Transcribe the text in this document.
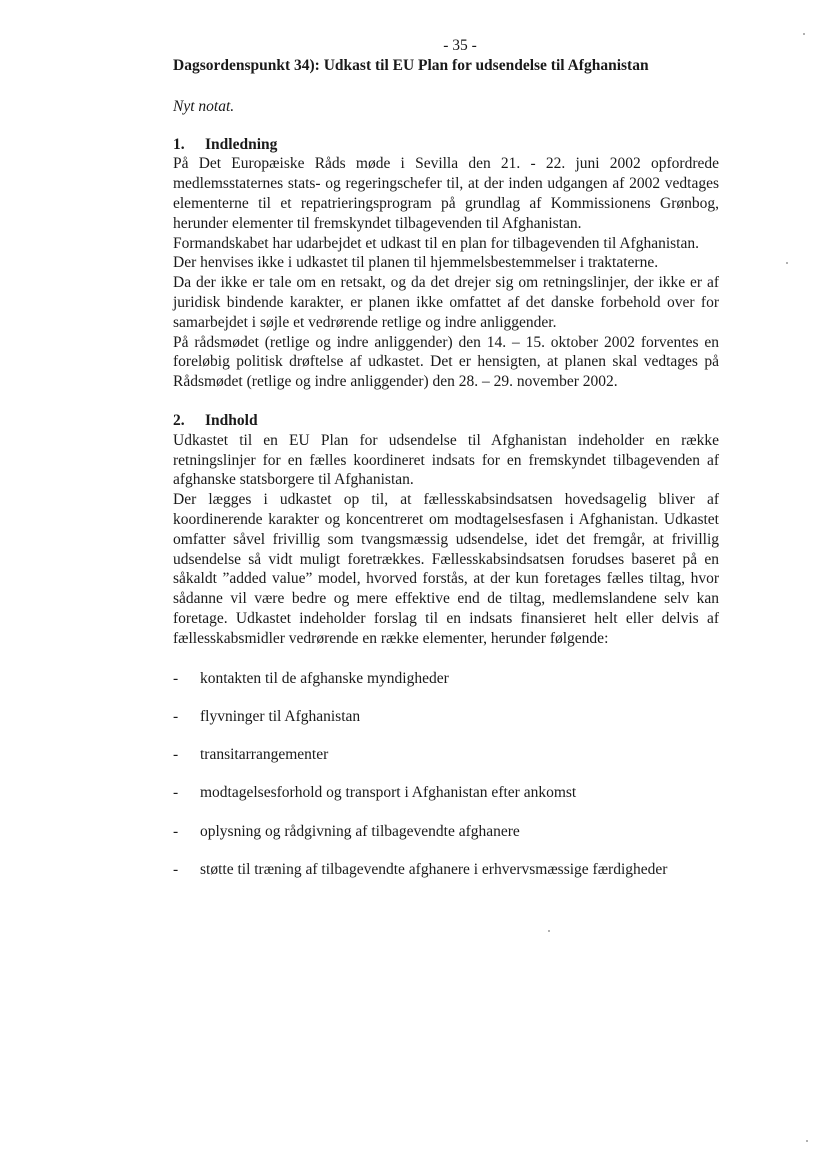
- 35 -
Dagsordenspunkt 34): Udkast til EU Plan for udsendelse til Afghanistan

Nyt notat.

1.	Indledning

På Det Europæiske Råds møde i Sevilla den 21. - 22. juni 2002 opfordrede medlemsstaternes stats- og regeringschefer til, at der inden udgangen af 2002 vedtages elementerne til et repatrieringsprogram på grundlag af Kommissionens Grønbog, herunder elementer til fremskyndet tilbagevenden til Afghanistan.

Formandskabet har udarbejdet et udkast til en plan for tilbagevenden til Afghanistan.

Der henvises ikke i udkastet til planen til hjemmelsbestemmelser i traktaterne.

Da der ikke er tale om en retsakt, og da det drejer sig om retningslinjer, der ikke er af juridisk bindende karakter, er planen ikke omfattet af det danske forbehold over for samarbejdet i søjle et vedrørende retlige og indre anliggender.

På rådsmødet (retlige og indre anliggender) den 14. – 15. oktober 2002 forventes en foreløbig politisk drøftelse af udkastet. Det er hensigten, at planen skal vedtages på Rådsmødet (retlige og indre anliggender) den 28. – 29. november 2002.

2.	Indhold

Udkastet til en EU Plan for udsendelse til Afghanistan indeholder en række retningslinjer for en fælles koordineret indsats for en fremskyndet tilbagevenden af afghanske statsborgere til Afghanistan.

Der lægges i udkastet op til, at fællesskabsindsatsen hovedsagelig bliver af koordinerende karakter og koncentreret om modtagelsesfasen i Afghanistan. Udkastet omfatter såvel frivillig som tvangsmæssig udsendelse, idet det fremgår, at frivillig udsendelse så vidt muligt foretrækkes. Fællesskabsindsatsen forudses baseret på en såkaldt ”added value” model, hvorved forstås, at der kun foretages fælles tiltag, hvor sådanne vil være bedre og mere effektive end de tiltag, medlemslandene selv kan foretage. Udkastet indeholder forslag til en indsats finansieret helt eller delvis af fællesskabsmidler vedrørende en række elementer, herunder følgende:

-	kontakten til de afghanske myndigheder
-	flyvninger til Afghanistan
-	transitarrangementer
-	modtagelsesforhold og transport i Afghanistan efter ankomst
-	oplysning og rådgivning af tilbagevendte afghanere
-	støtte til træning af tilbagevendte afghanere i erhvervsmæssige færdigheder
